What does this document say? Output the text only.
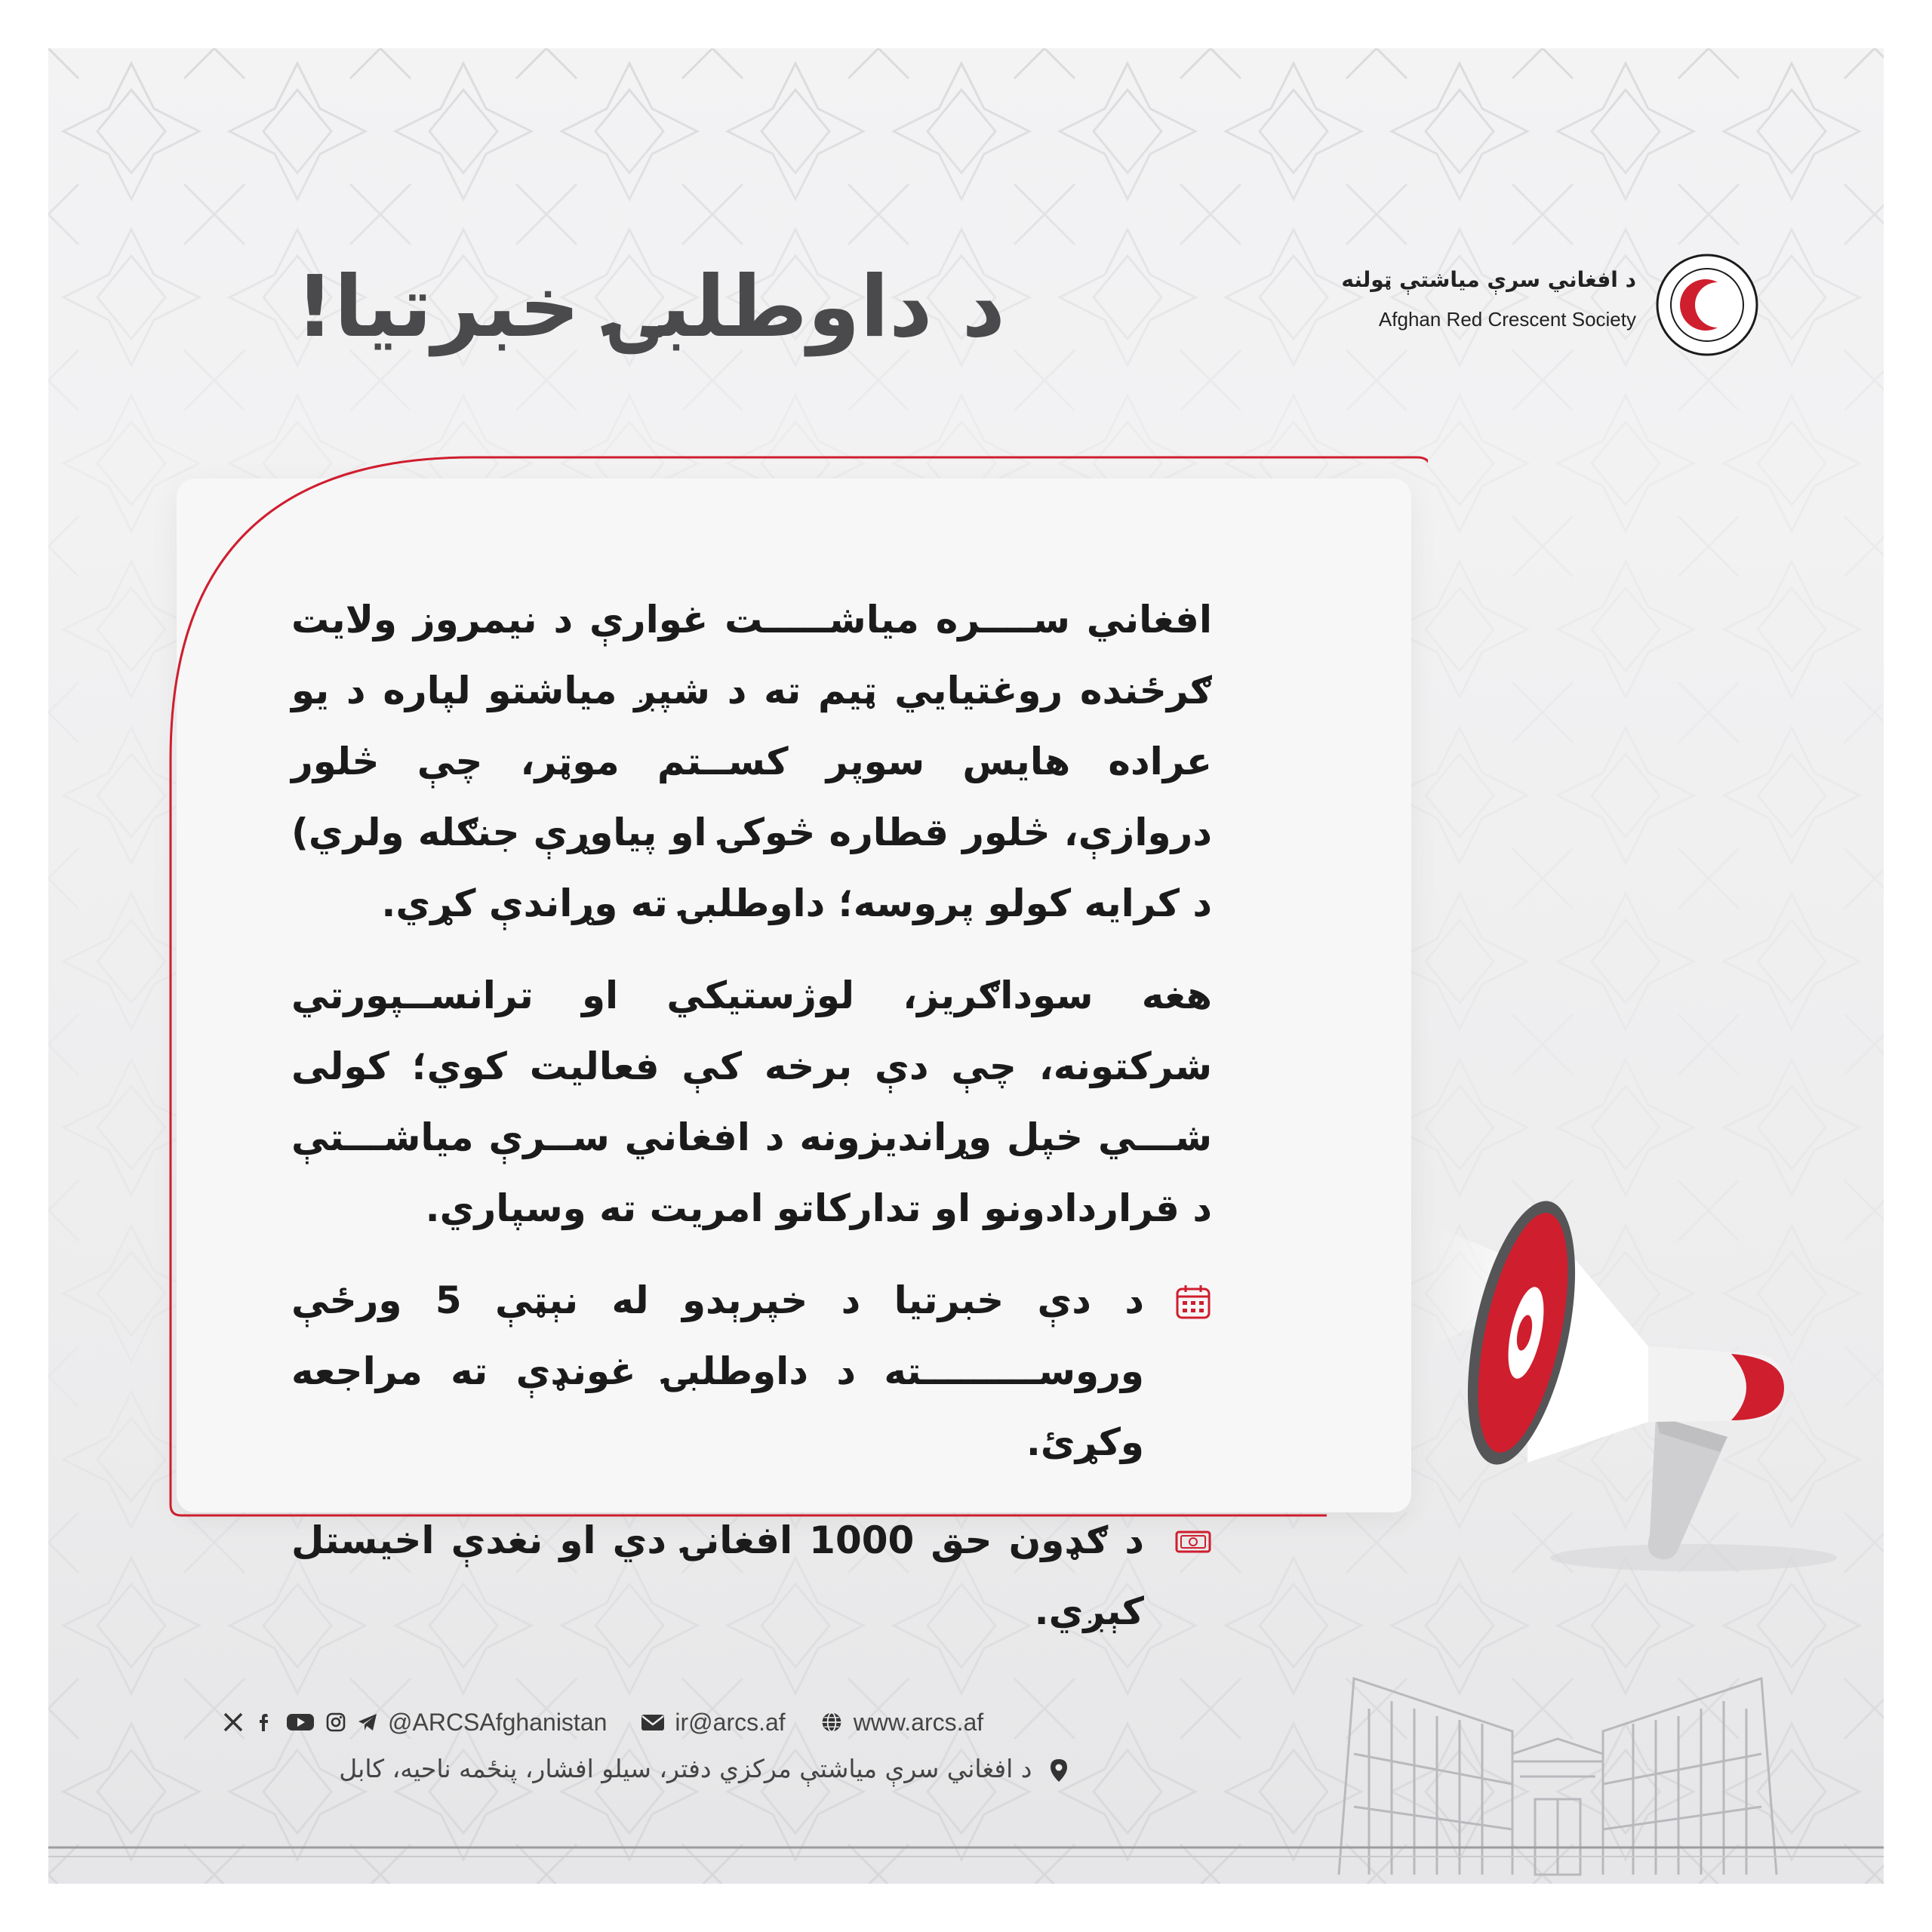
د داوطلبۍ خبرتيا!	د افغاني سرې مياشتې ټولنه
Afghan Red Crescent Society

افغاني ســــره مياشـــــت غوارې د نيمروز ولايت ګرځنده روغتيايي ټيم ته د شپږ مياشتو لپاره د يو عراده هايس سوپر کســتم موټر، چې څلور دروازې، څلور قطاره څوکۍ او پياوړې جنګله ولري) د کرايه کولو پروسه؛ داوطلبۍ ته وړاندې کړي.

هغه سوداګريز، لوژستيکي او ترانســپورتي شرکتونه، چې دې برخه کې فعاليت کوي؛ کولی شـــي خپل وړانديزونه د افغاني ســرې مياشـــتې د قراردادونو او تدارکاتو امريت ته وسپاري.

د دې خبرتيا د خپرېدو له نېټې 5 ورځې وروســـــــــته د داوطلبۍ غونډې ته مراجعه وکړئ.
د ګډون حق 1000 افغانۍ دي او نغدې اخيستل کېږي.
@ARCSAfghanistan	ir@arcs.af	www.arcs.af
د افغاني سرې مياشتې مرکزي دفتر، سيلو افشار، پنځمه ناحيه، کابل
